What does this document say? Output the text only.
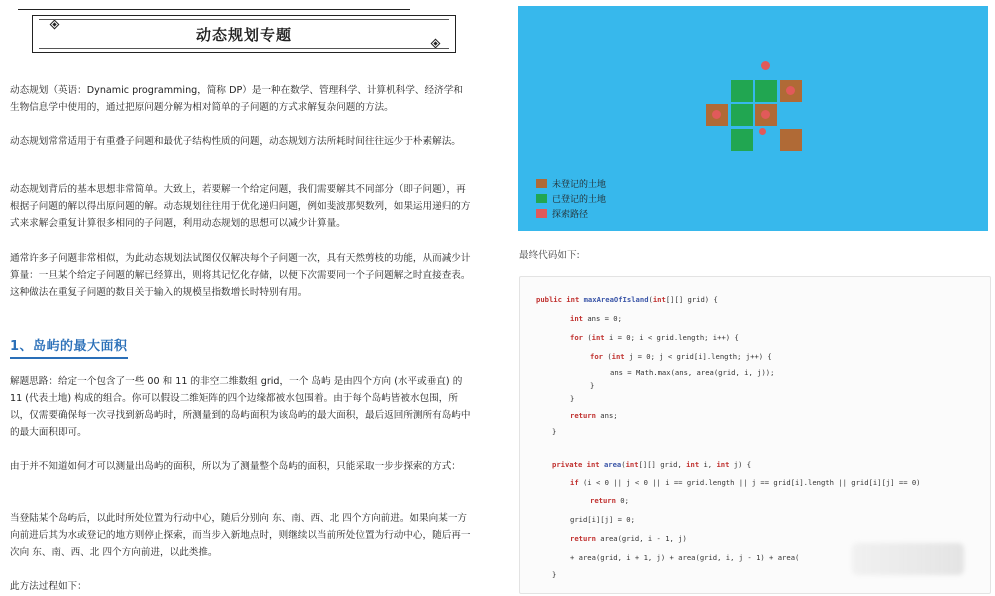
动态规划专题

动态规划（英语：Dynamic programming，简称 DP）是一种在数学、管理科学、计算机科学、经济学和生物信息学中使用的，通过把原问题分解为相对简单的子问题的方式求解复杂问题的方法。

动态规划常常适用于有重叠子问题和最优子结构性质的问题，动态规划方法所耗时间往往远少于朴素解法。

动态规划背后的基本思想非常简单。大致上，若要解一个给定问题，我们需要解其不同部分（即子问题），再根据子问题的解以得出原问题的解。动态规划往往用于优化递归问题，例如斐波那契数列，如果运用递归的方式来求解会重复计算很多相同的子问题，利用动态规划的思想可以减少计算量。

通常许多子问题非常相似，为此动态规划法试图仅仅解决每个子问题一次，具有天然剪枝的功能，从而减少计算量：一旦某个给定子问题的解已经算出，则将其记忆化存储，以便下次需要同一个子问题解之时直接查表。这种做法在重复子问题的数目关于输入的规模呈指数增长时特别有用。

1、岛屿的最大面积

解题思路：给定一个包含了一些 00 和 11 的非空二维数组 grid，一个 岛屿 是由四个方向 (水平或垂直) 的 11 (代表土地) 构成的组合。你可以假设二维矩阵的四个边缘都被水包围着。由于每个岛屿皆被水包围，所以，仅需要确保每一次寻找到新岛屿时，所测量到的岛屿面积为该岛屿的最大面积，最后返回所测所有岛屿中的最大面积即可。

由于并不知道如何才可以测量出岛屿的面积，所以为了测量整个岛屿的面积，只能采取一步步探索的方式：

当登陆某个岛屿后，以此时所处位置为行动中心，随后分别向 东、南、西、北 四个方向前进。如果向某一方向前进后其为水或登记的地方则停止探索，而当步入新地点时，则继续以当前所处位置为行动中心，随后再一次向 东、南、西、北 四个方向前进，以此类推。

此方法过程如下：

未登记的土地
已登记的土地
探索路径
最终代码如下:
public int maxAreaOfIsland(int[][] grid) {
int ans = 0;
for (int i = 0; i < grid.length; i++) {
for (int j = 0; j < grid[i].length; j++) {
ans = Math.max(ans, area(grid, i, j));
}
}
return ans;
}
private int area(int[][] grid, int i, int j) {
if (i < 0 || j < 0 || i == grid.length || j == grid[i].length || grid[i][j] == 0)
return 0;
grid[i][j] = 0;
return area(grid, i - 1, j)
+ area(grid, i + 1, j) + area(grid, i, j - 1) + area(
}
